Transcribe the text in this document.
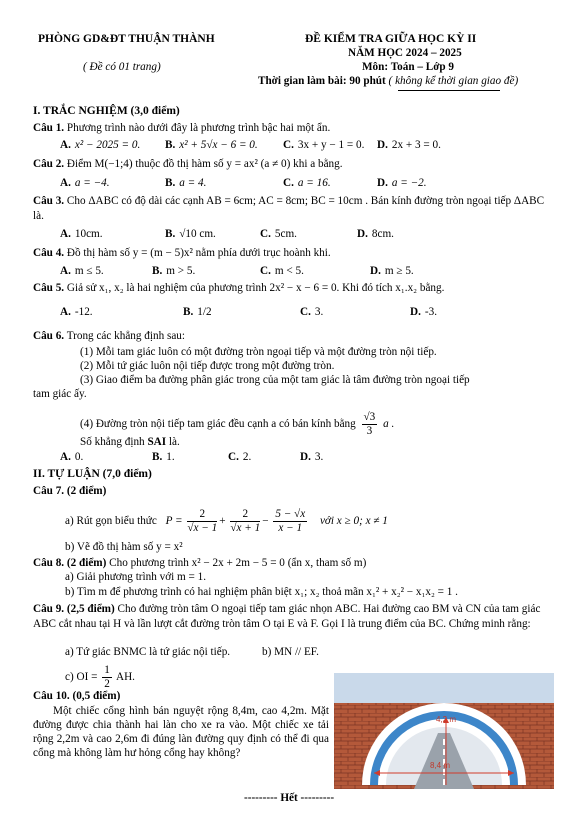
PHÒNG GD&ĐT THUẬN THÀNH
( Đề có 01 trang)
ĐỀ KIỂM TRA GIỮA HỌC KỲ II
NĂM HỌC 2024 – 2025
Môn: Toán – Lớp 9
Thời gian làm bài: 90 phút ( không kể thời gian giao đề)
I. TRẮC NGHIỆM (3,0 điểm)
Câu 1. Phương trình nào dưới đây là phương trình bậc hai một ẩn.
A. x² − 2025 = 0. B. x² + 5√x − 6 = 0. C. 3x + y − 1 = 0. D. 2x + 3 = 0.
Câu 2. Điểm M(−1;4) thuộc đồ thị hàm số y = ax² (a ≠ 0) khi a bằng.
A. a = −4.	B. a = 4.	C. a = 16.	D. a = −2.
Câu 3. Cho ΔABC có độ dài các cạnh AB = 6cm; AC = 8cm; BC = 10cm . Bán kính đường tròn ngoại tiếp ΔABC là.
A. 10cm.	B. √10 cm.	C. 5cm.	D. 8cm.
Câu 4. Đồ thị hàm số y = (m − 5)x² nằm phía dưới trục hoành khi.
A. m ≤ 5.	B. m > 5.	C. m < 5.	D. m ≥ 5.
Câu 5. Giả sử x₁, x₂ là hai nghiệm của phương trình 2x² − x − 6 = 0. Khi đó tích x₁.x₂ bằng.
A. -12.	B. 1/2	C. 3.	D. -3.
Câu 6. Trong các khẳng định sau:
(1) Mỗi tam giác luôn có một đường tròn ngoại tiếp và một đường tròn nội tiếp.
(2) Mỗi tứ giác luôn nội tiếp được trong một đường tròn.
(3) Giao điểm ba đường phân giác trong của một tam giác là tâm đường tròn ngoại tiếp
tam giác ấy.
(4) Đường tròn nội tiếp tam giác đều cạnh a có bán kính bằng $\frac{√3}{3}$ a .
Số khẳng định SAI là.
A. 0.	B. 1.	C. 2.	D. 3.
II. TỰ LUẬN (7,0 điểm)
Câu 7. (2 điểm)
a) Rút gọn biểu thức $P = \frac{2}{√x - 1} + \frac{2}{√x + 1} - \frac{5 - √x}{x - 1}$ với x ≥ 0; x ≠ 1
b) Vẽ đồ thị hàm số y = x²
Câu 8. (2 điểm) Cho phương trình x² − 2x + 2m − 5 = 0 (ẩn x, tham số m)
a) Giải phương trình với m = 1.
b) Tìm m để phương trình có hai nghiệm phân biệt x₁; x₂ thoả mãn x₁² + x₂² − x₁x₂ = 1 .
Câu 9. (2,5 điểm) Cho đường tròn tâm O ngoại tiếp tam giác nhọn ABC. Hai đường cao BM và CN của tam giác ABC cắt nhau tại H và lần lượt cắt đường tròn tâm O tại E và F. Gọi I là trung điểm của BC. Chứng minh rằng:
a) Tứ giác BNMC là tứ giác nội tiếp.	b) MN // EF.
c) OI = $\frac{1}{2}$ AH.
Câu 10. (0,5 điểm)
Một chiếc cổng hình bán nguyệt rộng 8,4m, cao 4,2m. Mặt đường được chia thành hai làn cho xe ra vào. Một chiếc xe tải rộng 2,2m và cao 2,6m đi đúng làn đường quy định có thể đi qua cổng mà không làm hư hỏng cổng hay không?
4,2 m
8,4 m
--------- Hết ---------
